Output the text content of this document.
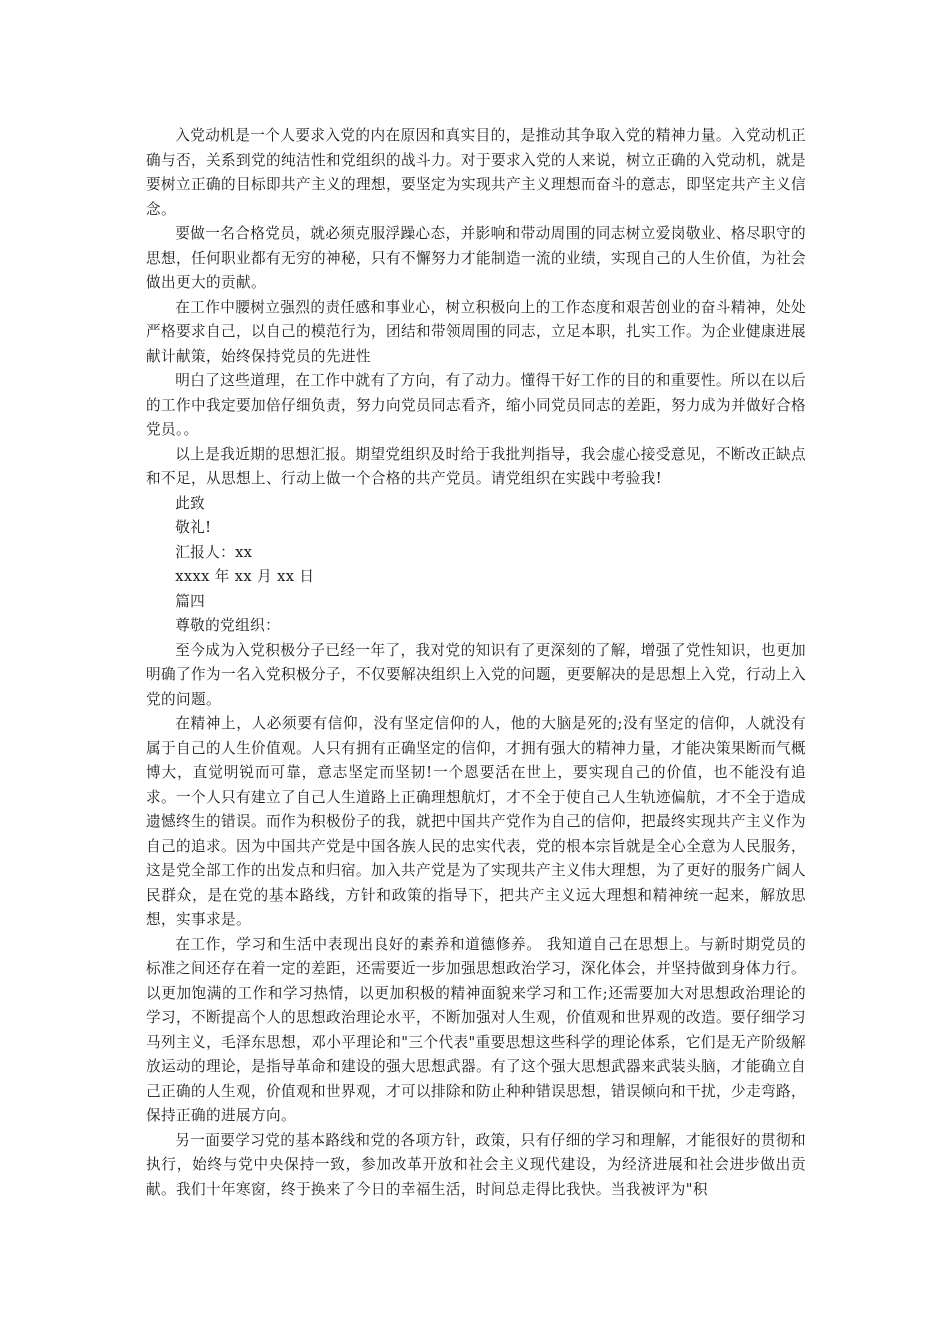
入党动机是一个人要求入党的内在原因和真实目的，是推动其争取入党的精神力量。入党动机正确与否，关系到党的纯洁性和党组织的战斗力。对于要求入党的人来说，树立正确的入党动机，就是要树立正确的目标即共产主义的理想，要坚定为实现共产主义理想而奋斗的意志，即坚定共产主义信念。

要做一名合格党员，就必须克服浮躁心态，并影响和带动周围的同志树立爱岗敬业、格尽职守的思想，任何职业都有无穷的神秘，只有不懈努力才能制造一流的业绩，实现自己的人生价值，为社会做出更大的贡献。

在工作中腰树立强烈的责任感和事业心，树立积极向上的工作态度和艰苦创业的奋斗精神，处处严格要求自己，以自己的模范行为，团结和带领周围的同志，立足本职，扎实工作。为企业健康进展献计献策，始终保持党员的先进性

明白了这些道理，在工作中就有了方向，有了动力。懂得干好工作的目的和重要性。所以在以后的工作中我定要加倍仔细负责，努力向党员同志看齐，缩小同党员同志的差距，努力成为并做好合格党员。。

以上是我近期的思想汇报。期望党组织及时给于我批判指导，我会虚心接受意见，不断改正缺点和不足，从思想上、行动上做一个合格的共产党员。请党组织在实践中考验我!

此致

敬礼!

汇报人：xx

xxxx 年 xx 月 xx 日

篇四

尊敬的党组织：

至今成为入党积极分子已经一年了，我对党的知识有了更深刻的了解，增强了党性知识，也更加明确了作为一名入党积极分子，不仅要解决组织上入党的问题，更要解决的是思想上入党，行动上入党的问题。

在精神上，人必须要有信仰，没有坚定信仰的人，他的大脑是死的;没有坚定的信仰，人就没有属于自己的人生价值观。人只有拥有正确坚定的信仰，才拥有强大的精神力量，才能决策果断而气概博大，直觉明锐而可靠，意志坚定而坚韧!一个恩要活在世上，要实现自己的价值，也不能没有追求。一个人只有建立了自己人生道路上正确理想航灯，才不全于使自己人生轨迹偏航，才不全于造成遗憾终生的错误。而作为积极份子的我，就把中国共产党作为自己的信仰，把最终实现共产主义作为自己的追求。因为中国共产党是中国各族人民的忠实代表，党的根本宗旨就是全心全意为人民服务，这是党全部工作的出发点和归宿。加入共产党是为了实现共产主义伟大理想，为了更好的服务广阔人民群众，是在党的基本路线，方针和政策的指导下，把共产主义远大理想和精神统一起来，解放思想，实事求是。

在工作，学习和生活中表现出良好的素养和道德修养。 我知道自己在思想上。与新时期党员的标准之间还存在着一定的差距，还需要近一步加强思想政治学习，深化体会，并坚持做到身体力行。以更加饱满的工作和学习热情，以更加积极的精神面貌来学习和工作;还需要加大对思想政治理论的学习，不断提高个人的思想政治理论水平，不断加强对人生观，价值观和世界观的改造。要仔细学习马列主义，毛泽东思想，邓小平理论和"三个代表"重要思想这些科学的理论体系，它们是无产阶级解放运动的理论，是指导革命和建设的强大思想武器。有了这个强大思想武器来武装头脑，才能确立自己正确的人生观，价值观和世界观，才可以排除和防止种种错误思想，错误倾向和干扰，少走弯路，保持正确的进展方向。

另一面要学习党的基本路线和党的各项方针，政策，只有仔细的学习和理解，才能很好的贯彻和执行，始终与党中央保持一致，参加改革开放和社会主义现代建设，为经济进展和社会进步做出贡献。我们十年寒窗，终于换来了今日的幸福生活，时间总走得比我快。当我被评为"积
